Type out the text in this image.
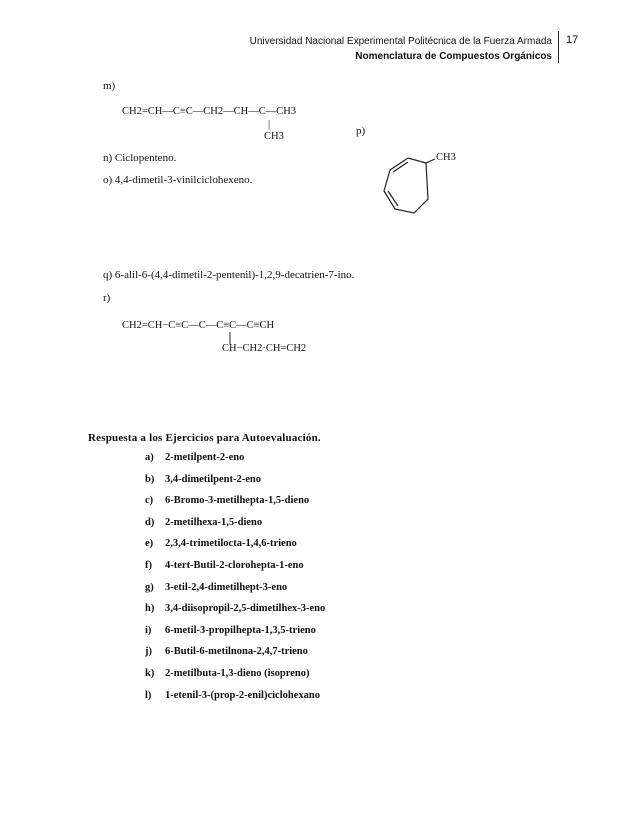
Universidad Nacional Experimental Politécnica de la Fuerza Armada
Nomenclatura de Compuestos Orgánicos
17
m)
CH2=CH—C≡C—CH2—CH—C—CH3
|
CH3	p)
n) Ciclopenteno.
o) 4,4-dimetil-3-vinilciclohexeno.
CH3
q) 6-alil-6-(4,4-dimetil-2-pentenil)-1,2,9-decatrien-7-ino.
r)
CH2=CH−C≡C—C—C≡C—C≡CH
CH−CH2·CH=CH2
Respuesta a los Ejercicios para Autoevaluación.
a) 2-metilpent-2-eno
b) 3,4-dimetilpent-2-eno
c) 6-Bromo-3-metilhepta-1,5-dieno
d) 2-metilhexa-1,5-dieno
e) 2,3,4-trimetilocta-1,4,6-trieno
f) 4-tert-Butil-2-clorohepta-1-eno
g) 3-etil-2,4-dimetilhept-3-eno
h) 3,4-diisopropil-2,5-dimetilhex-3-eno
i) 6-metil-3-propilhepta-1,3,5-trieno
j) 6-Butil-6-metilnona-2,4,7-trieno
k) 2-metilbuta-1,3-dieno (isopreno)
l) 1-etenil-3-(prop-2-enil)ciclohexano
